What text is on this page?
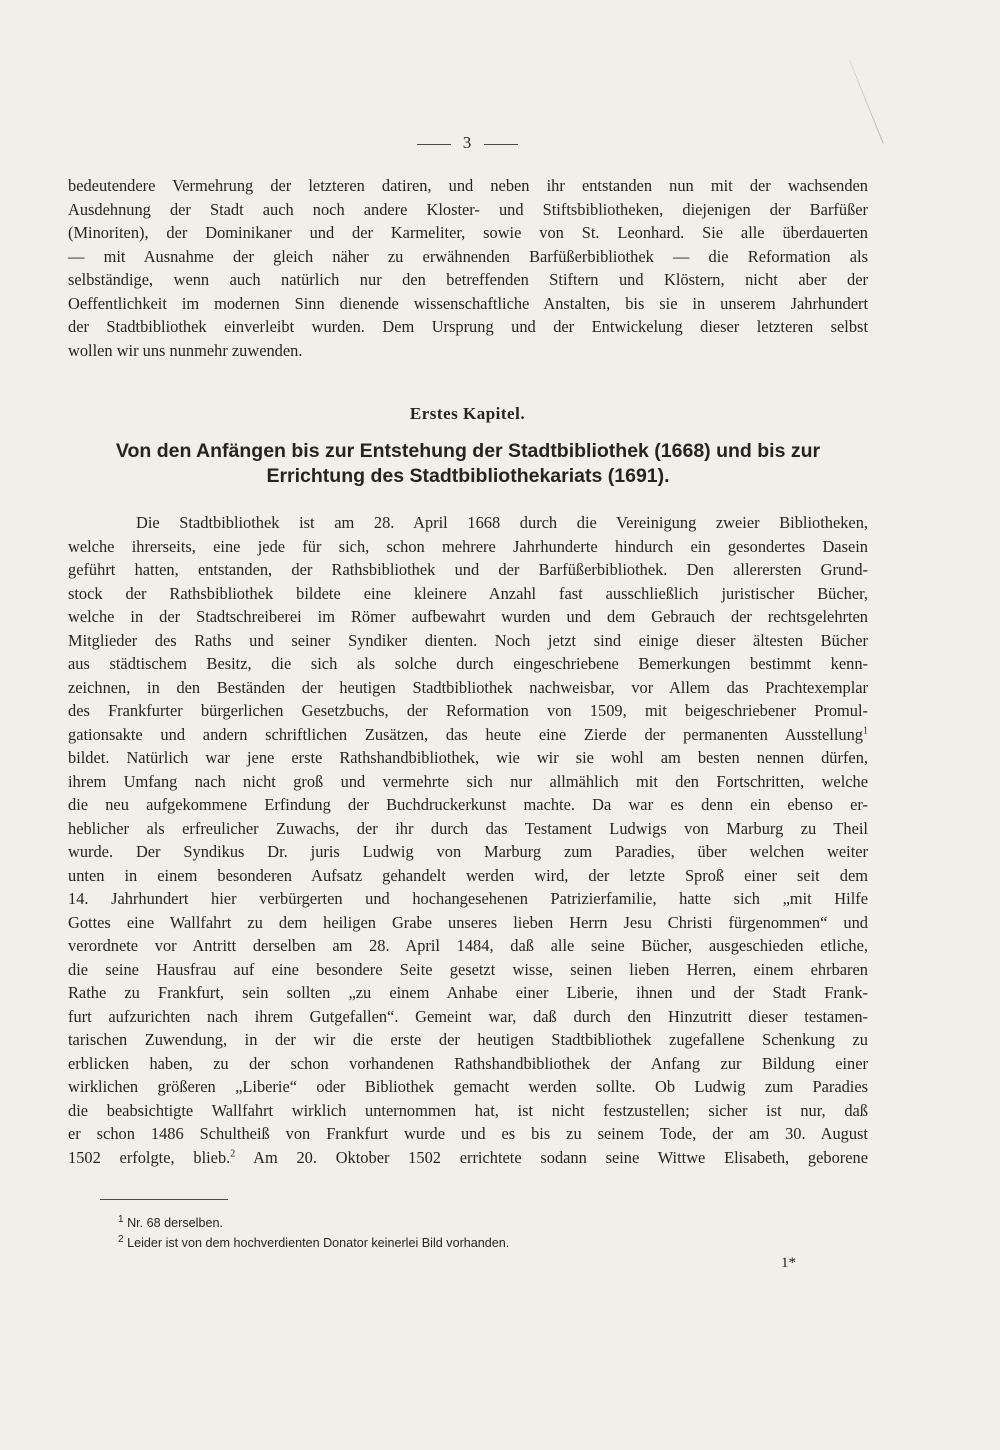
3
bedeutendere Vermehrung der letzteren datiren, und neben ihr entstanden nun mit der wachsenden
Ausdehnung der Stadt auch noch andere Kloster- und Stiftsbibliotheken, diejenigen der Barfüßer
(Minoriten), der Dominikaner und der Karmeliter, sowie von St. Leonhard. Sie alle überdauerten
— mit Ausnahme der gleich näher zu erwähnenden Barfüßerbibliothek — die Reformation als
selbständige, wenn auch natürlich nur den betreffenden Stiftern und Klöstern, nicht aber der
Oeffentlichkeit im modernen Sinn dienende wissenschaftliche Anstalten, bis sie in unserem Jahrhundert
der Stadtbibliothek einverleibt wurden. Dem Ursprung und der Entwickelung dieser letzteren selbst
wollen wir uns nunmehr zuwenden.
Erstes Kapitel.
Von den Anfängen bis zur Entstehung der Stadtbibliothek (1668) und bis zur
Errichtung des Stadtbibliothekariats (1691).
Die Stadtbibliothek ist am 28. April 1668 durch die Vereinigung zweier Bibliotheken,
welche ihrerseits, eine jede für sich, schon mehrere Jahrhunderte hindurch ein gesondertes Dasein
geführt hatten, entstanden, der Rathsbibliothek und der Barfüßerbibliothek. Den allerersten Grund-
stock der Rathsbibliothek bildete eine kleinere Anzahl fast ausschließlich juristischer Bücher,
welche in der Stadtschreiberei im Römer aufbewahrt wurden und dem Gebrauch der rechtsgelehrten
Mitglieder des Raths und seiner Syndiker dienten. Noch jetzt sind einige dieser ältesten Bücher
aus städtischem Besitz, die sich als solche durch eingeschriebene Bemerkungen bestimmt kenn-
zeichnen, in den Beständen der heutigen Stadtbibliothek nachweisbar, vor Allem das Prachtexemplar
des Frankfurter bürgerlichen Gesetzbuchs, der Reformation von 1509, mit beigeschriebener Promul-
gationsakte und andern schriftlichen Zusätzen, das heute eine Zierde der permanenten Ausstellung$^1$
bildet. Natürlich war jene erste Rathshandbibliothek, wie wir sie wohl am besten nennen dürfen,
ihrem Umfang nach nicht groß und vermehrte sich nur allmählich mit den Fortschritten, welche
die neu aufgekommene Erfindung der Buchdruckerkunst machte. Da war es denn ein ebenso er-
heblicher als erfreulicher Zuwachs, der ihr durch das Testament Ludwigs von Marburg zu Theil
wurde. Der Syndikus Dr. juris Ludwig von Marburg zum Paradies, über welchen weiter
unten in einem besonderen Aufsatz gehandelt werden wird, der letzte Sproß einer seit dem
14. Jahrhundert hier verbürgerten und hochangesehenen Patrizierfamilie, hatte sich „mit Hilfe
Gottes eine Wallfahrt zu dem heiligen Grabe unseres lieben Herrn Jesu Christi fürgenommen“ und
verordnete vor Antritt derselben am 28. April 1484, daß alle seine Bücher, ausgeschieden etliche,
die seine Hausfrau auf eine besondere Seite gesetzt wisse, seinen lieben Herren, einem ehrbaren
Rathe zu Frankfurt, sein sollten „zu einem Anhabe einer Liberie, ihnen und der Stadt Frank-
furt aufzurichten nach ihrem Gutgefallen“. Gemeint war, daß durch den Hinzutritt dieser testamen-
tarischen Zuwendung, in der wir die erste der heutigen Stadtbibliothek zugefallene Schenkung zu
erblicken haben, zu der schon vorhandenen Rathshandbibliothek der Anfang zur Bildung einer
wirklichen größeren „Liberie“ oder Bibliothek gemacht werden sollte. Ob Ludwig zum Paradies
die beabsichtigte Wallfahrt wirklich unternommen hat, ist nicht festzustellen; sicher ist nur, daß
er schon 1486 Schultheiß von Frankfurt wurde und es bis zu seinem Tode, der am 30. August
1502 erfolgte, blieb.$^2$ Am 20. Oktober 1502 errichtete sodann seine Wittwe Elisabeth, geborene
$^1$ Nr. 68 derselben.
$^2$ Leider ist von dem hochverdienten Donator keinerlei Bild vorhanden.
1*
